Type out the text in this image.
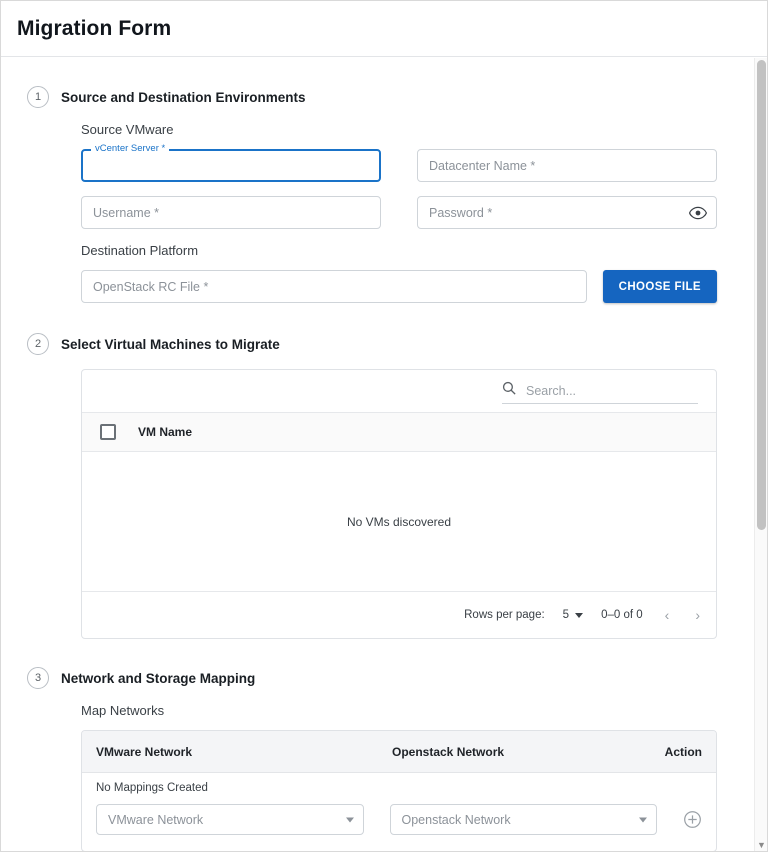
Migration Form
1	Source and Destination Environments
Source VMware
vCenter Server *
Datacenter Name *
Username *
Password *
Destination Platform
OpenStack RC File *
CHOOSE FILE
2	Select Virtual Machines to Migrate
Search...
VM Name
No VMs discovered
Rows per page: 5	0–0 of 0 ‹ ›
3	Network and Storage Mapping
Map Networks
VMware Network	Openstack Network	Action
No Mappings Created
VMware Network	Openstack Network
▼
